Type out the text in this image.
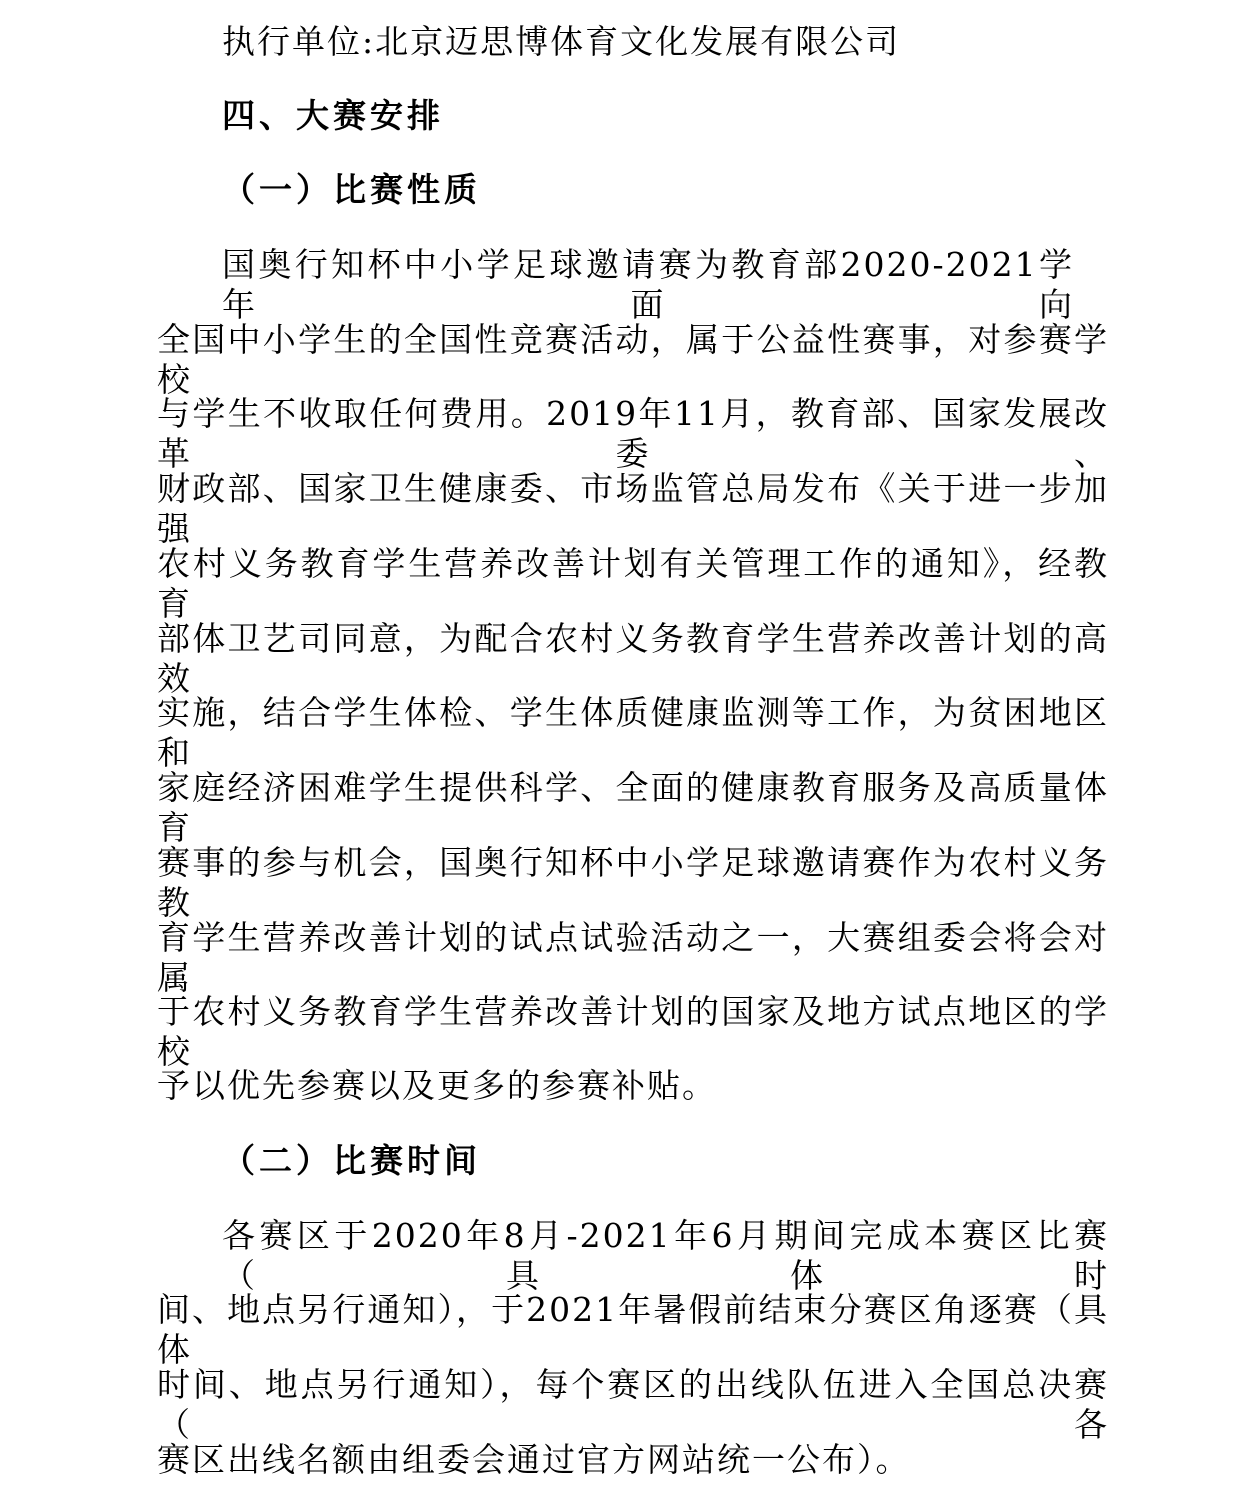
执行单位:北京迈思博体育文化发展有限公司
四、大赛安排
（一）比赛性质
国奥行知杯中小学足球邀请赛为教育部2020-2021学年面向
全国中小学生的全国性竞赛活动，属于公益性赛事，对参赛学校
与学生不收取任何费用。2019年11月，教育部、国家发展改革委、
财政部、国家卫生健康委、市场监管总局发布《关于进一步加强
农村义务教育学生营养改善计划有关管理工作的通知》，经教育
部体卫艺司同意，为配合农村义务教育学生营养改善计划的高效
实施，结合学生体检、学生体质健康监测等工作，为贫困地区和
家庭经济困难学生提供科学、全面的健康教育服务及高质量体育
赛事的参与机会，国奥行知杯中小学足球邀请赛作为农村义务教
育学生营养改善计划的试点试验活动之一，大赛组委会将会对属
于农村义务教育学生营养改善计划的国家及地方试点地区的学校
予以优先参赛以及更多的参赛补贴。
（二）比赛时间
各赛区于2020年8月-2021年6月期间完成本赛区比赛（具体时
间、地点另行通知），于2021年暑假前结束分赛区角逐赛（具体
时间、地点另行通知），每个赛区的出线队伍进入全国总决赛（各
赛区出线名额由组委会通过官方网站统一公布）。
